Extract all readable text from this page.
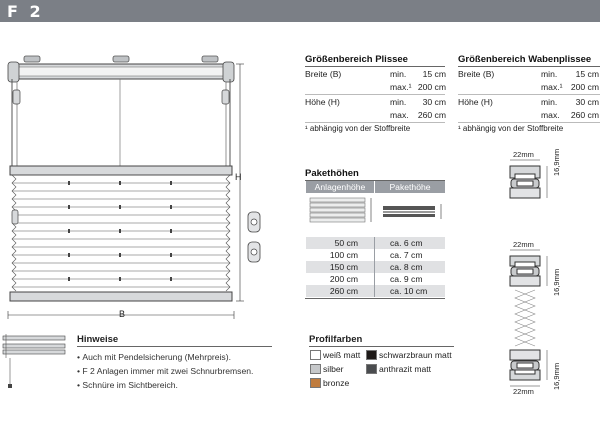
F 2
H
B
Größenbereich Plissee
Breite (B)	min.	15 cm
max.¹ 200 cm
Höhe (H)	min.	30 cm
max.	260 cm
¹ abhängig von der Stoffbreite
Größenbereich Wabenplissee
Breite (B)	min.	15 cm
max.¹ 200 cm
Höhe (H)	min.	30 cm
max.	260 cm
¹ abhängig von der Stoffbreite
Pakethöhen
Anlagenhöhe	Pakethöhe
50 cm	ca. 6 cm
100 cm	ca. 7 cm
150 cm	ca. 8 cm
200 cm	ca. 9 cm
260 cm	ca. 10 cm
22mm 16,9mm
22mm
16,9mm
16,9mm
22mm
Hinweise
• Auch mit Pendelsicherung (Mehrpreis).
• F 2 Anlagen immer mit zwei Schnurbremsen.
• Schnüre im Sichtbereich.
Profilfarben
weiß matt schwarzbraun matt
silber	anthrazit matt
bronze
